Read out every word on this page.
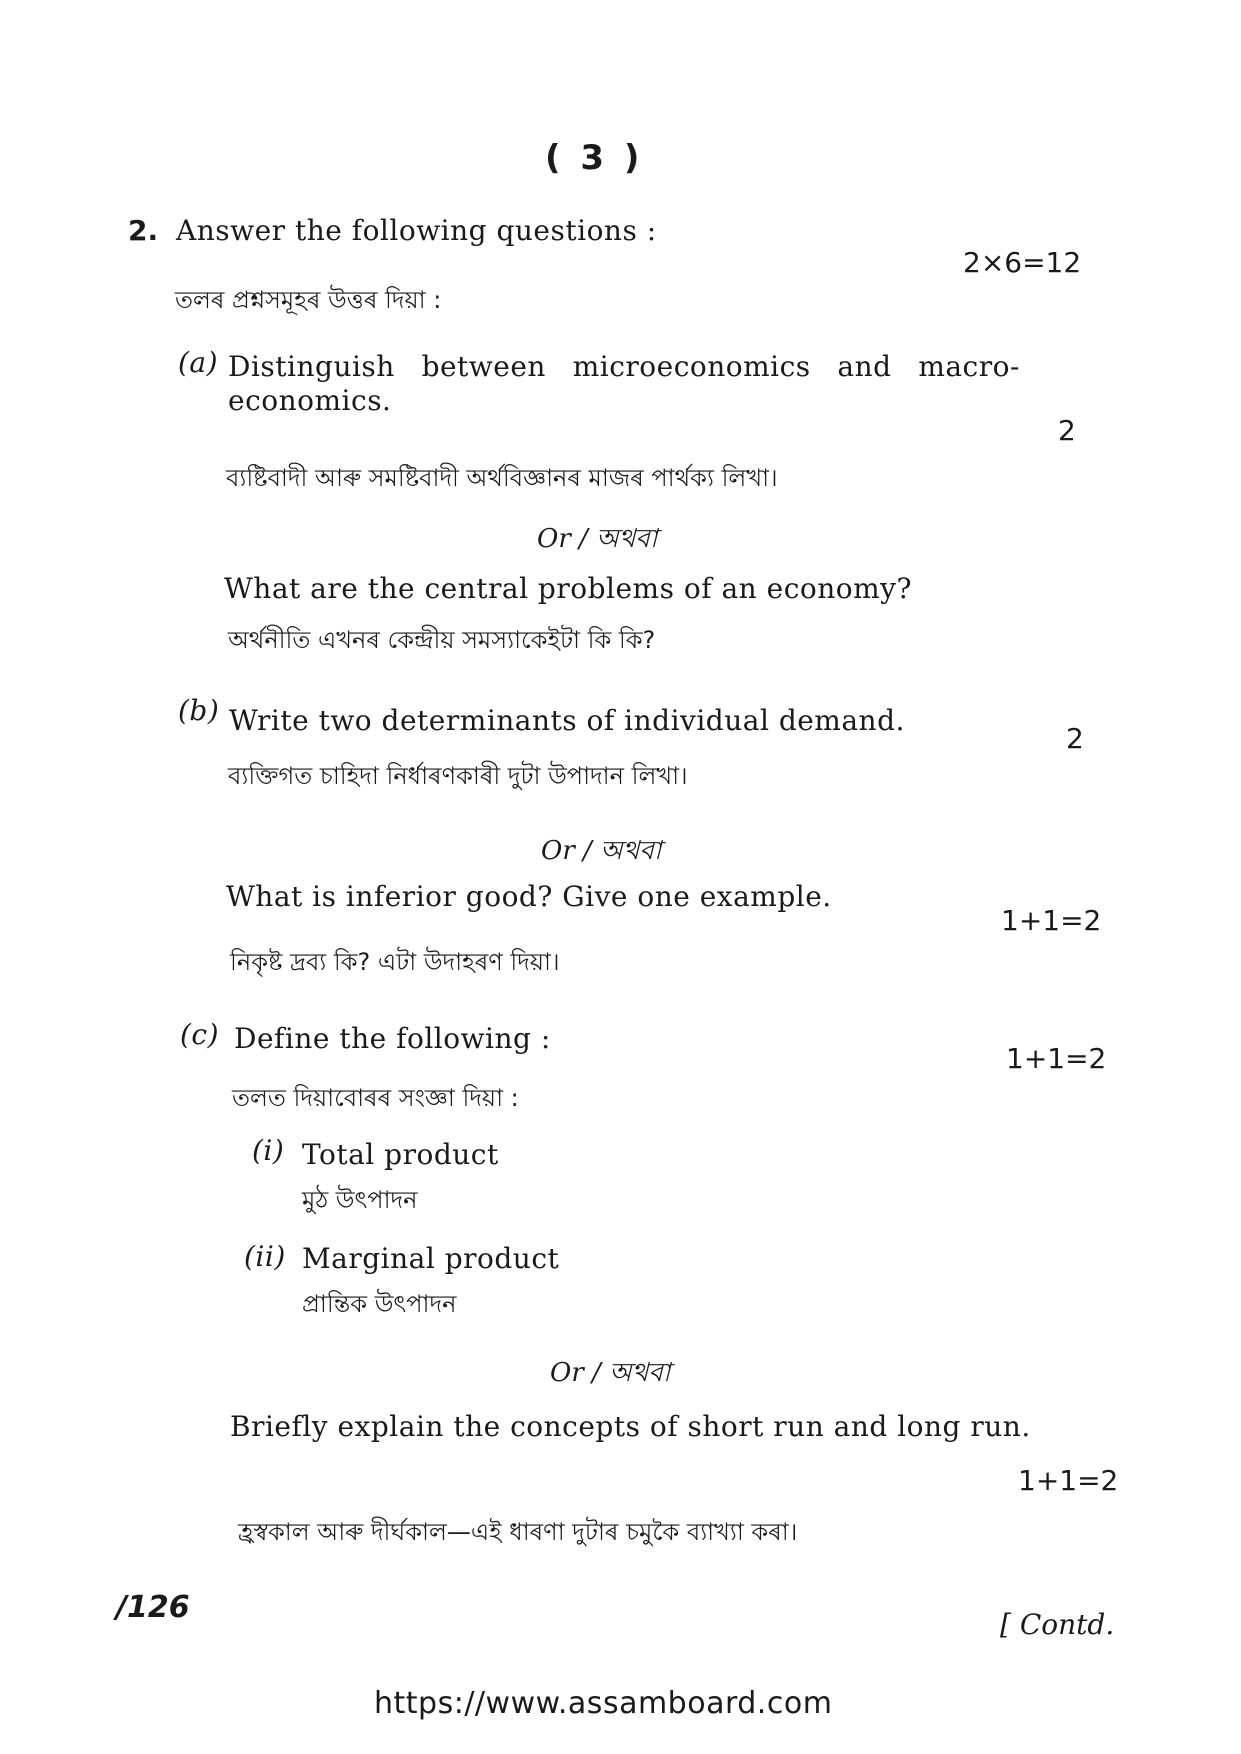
( 3 )
2. Answer the following questions :
2×6=12
তলৰ প্ৰশ্নসমূহৰ উত্তৰ দিয়া :
(a) Distinguish between microeconomics and macro-
economics.
2
ব্যষ্টিবাদী আৰু সমষ্টিবাদী অৰ্থবিজ্ঞানৰ মাজৰ পাৰ্থক্য লিখা।
Or / অথবা
What are the central problems of an economy?
অৰ্থনীতি এখনৰ কেন্দ্ৰীয় সমস্যাকেইটা কি কি?
(b) Write two determinants of individual demand.
2
ব্যক্তিগত চাহিদা নিৰ্ধাৰণকাৰী দুটা উপাদান লিখা।
Or / অথবা
What is inferior good? Give one example.
1+1=2
নিকৃষ্ট দ্ৰব্য কি? এটা উদাহৰণ দিয়া।
(c) Define the following :
1+1=2
তলত দিয়াবোৰৰ সংজ্ঞা দিয়া :
(i) Total product
মুঠ উৎপাদন
(ii) Marginal product
প্ৰান্তিক উৎপাদন
Or / অথবা
Briefly explain the concepts of short run and long run.
1+1=2
হ্ৰস্বকাল আৰু দীৰ্ঘকাল—এই ধাৰণা দুটাৰ চমুকৈ ব্যাখ্যা কৰা।
/126	[ Contd.
https://www.assamboard.com
